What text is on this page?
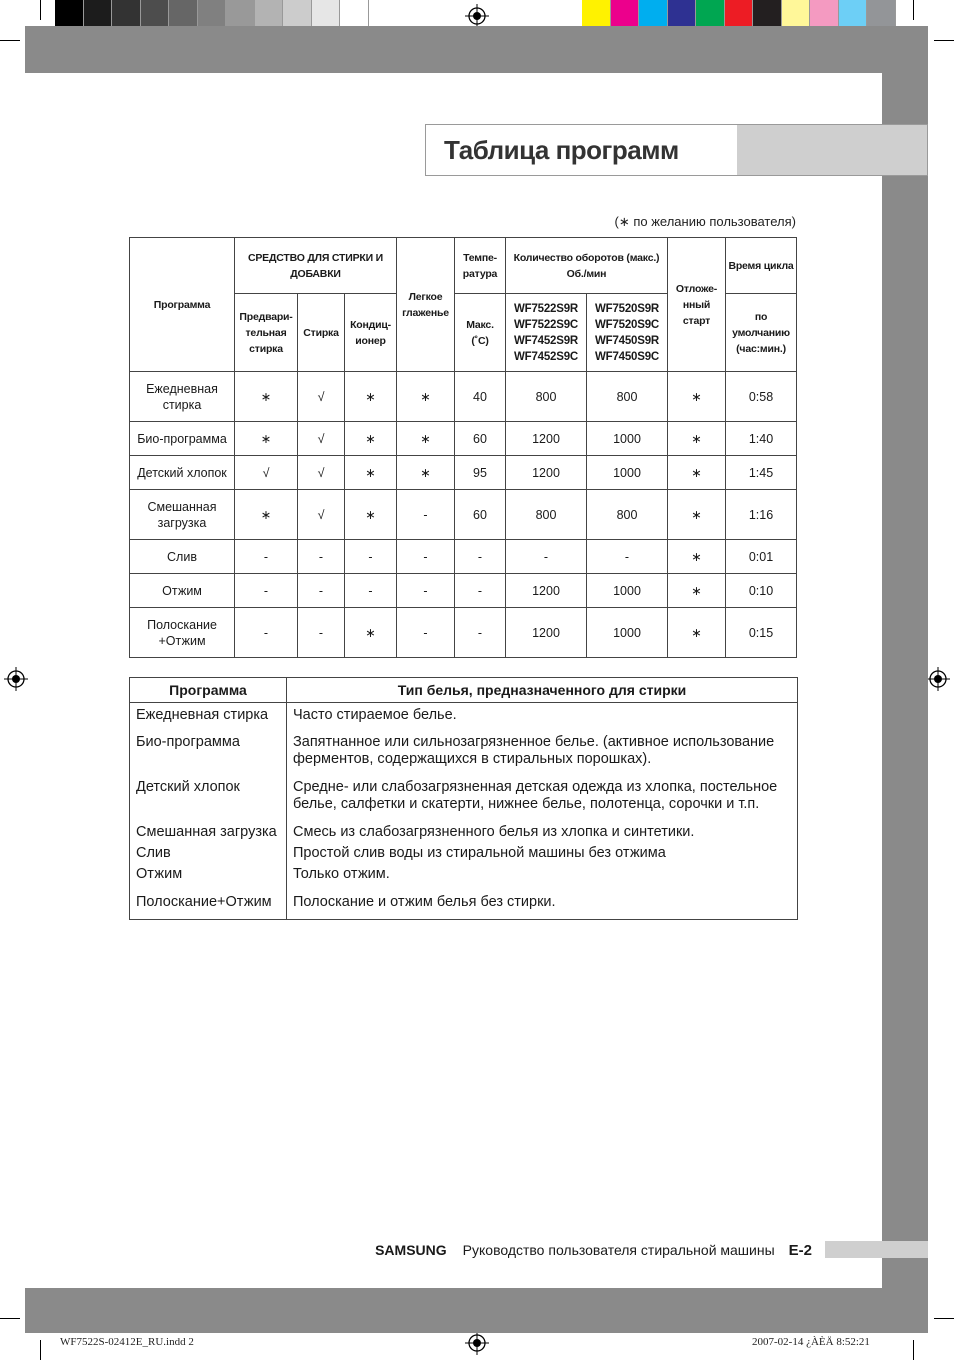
Таблица программ
(∗ по желанию пользователя)
Программа	СРЕДСТВО ДЛЯ СТИРКИ И ДОБАВКИ			Легкое глаженье	Темпе-ратура	Количество оборотов (макс.) Об./мин		Отложе-нный старт	Время цикла
	Предвари-тельная стирка	Стирка	Кондиц-ионер		Макс. (˚C)	WF7522S9R WF7522S9C WF7452S9R WF7452S9C	WF7520S9R WF7520S9C WF7450S9R WF7450S9C		по умолчанию (час:мин.)
Ежедневная стирка	∗	√	∗	∗	40	800	800	∗	0:58
Био-программа	∗	√	∗	∗	60	1200	1000	∗	1:40
Детский хлопок	√	√	∗	∗	95	1200	1000	∗	1:45
Смешанная загрузка	∗	√	∗	-	60	800	800	∗	1:16
Слив	-	-	-	-	-	-	-	∗	0:01
Отжим	-	-	-	-	-	1200	1000	∗	0:10
Полоскание +Отжим	-	-	∗	-	-	1200	1000	∗	0:15
Программа	Тип белья, предназначенного для стирки
Ежедневная стирка	Часто стираемое белье.
Био-программа	Запятнанное или сильнозагрязненное белье. (активное использование ферментов, содержащихся в стиральных порошках).
Детский хлопок	Средне- или слабозагрязненная детская одежда из хлопка, постельное белье, салфетки и скатерти, нижнее белье, полотенца, сорочки и т.п.
Смешанная загрузка	Смесь из слабозагрязненного белья из хлопка и синтетики.
Слив	Простой слив воды из стиральной машины без отжима
Отжим	Только отжим.
Полоскание+Отжим	Полоскание и отжим белья без стирки.
SAMSUNG Руководство пользователя стиральной машины E-2
WF7522S-02412E_RU.indd 2	2007-02-14 ¿ÀÈÄ 8:52:21
